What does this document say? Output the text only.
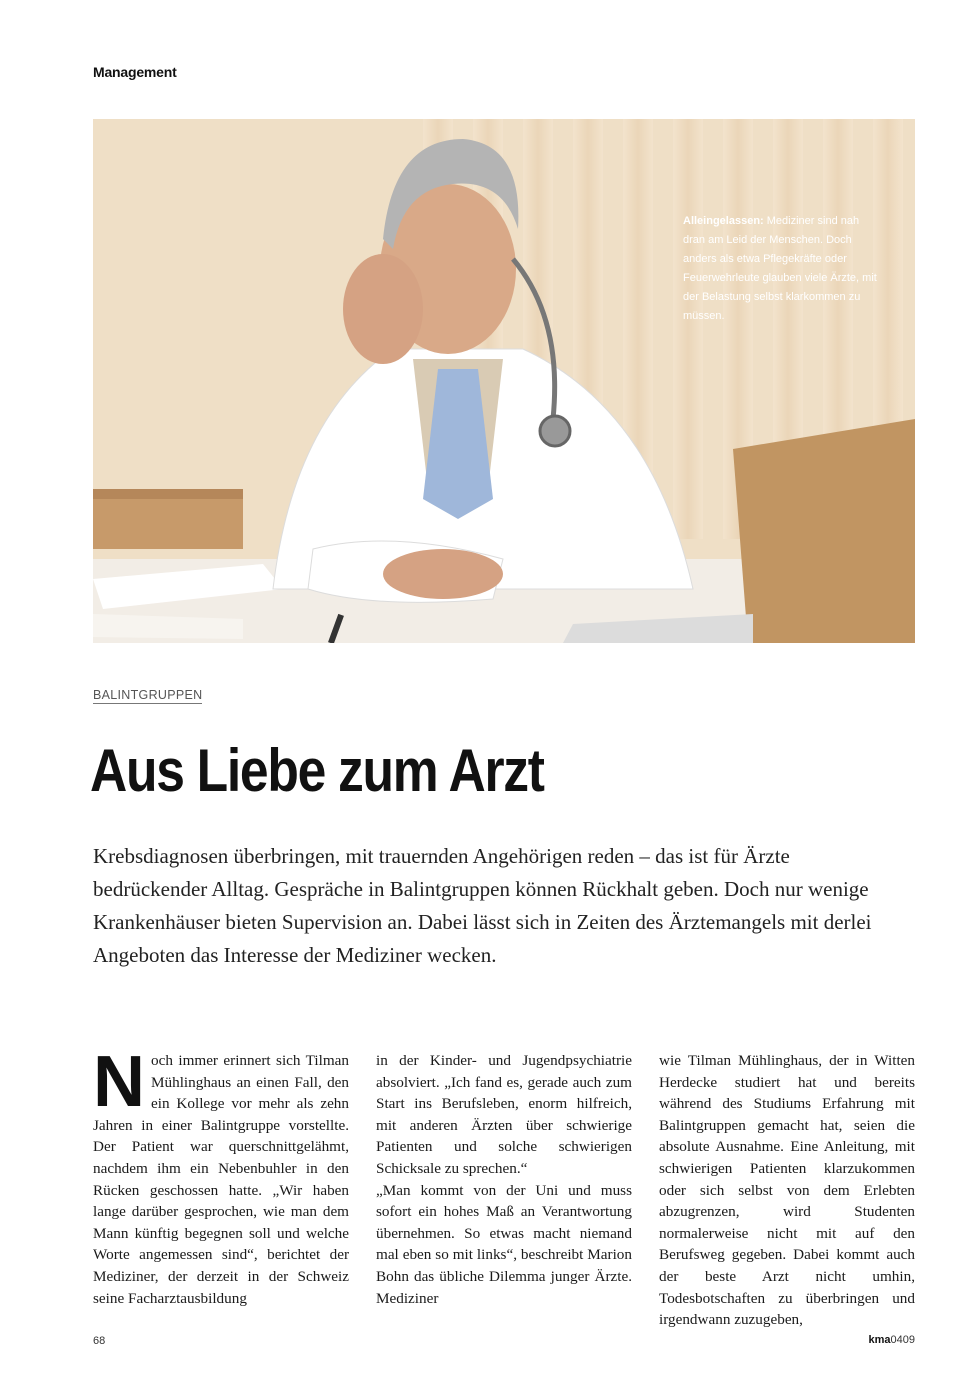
Management
Alleingelassen: Mediziner sind nah dran am Leid der Menschen. Doch anders als etwa Pflegekräfte oder Feuerwehrleute glauben viele Ärzte, mit der Belastung selbst klarkommen zu müssen.
BALINTGRUPPEN
Aus Liebe zum Arzt

Krebsdiagnosen überbringen, mit trauernden Angehörigen reden – das ist für Ärzte bedrückender Alltag. Gespräche in Balintgruppen können Rückhalt geben. Doch nur wenige Krankenhäuser bieten Supervision an. Dabei lässt sich in Zeiten des Ärztemangels mit derlei Angeboten das Interesse der Mediziner wecken.

N och immer erinnert sich Tilman Mühlinghaus an einen Fall, den ein Kollege vor mehr als zehn Jahren in einer Balintgruppe vorstellte. Der Patient war querschnittgelähmt, nachdem ihm ein Nebenbuhler in den Rücken geschossen hatte. „Wir haben lange darüber gesprochen, wie man dem Mann künftig begegnen soll und welche Worte angemessen sind“, berichtet der Mediziner, der derzeit in der Schweiz seine Facharztausbildung

in der Kinder- und Jugendpsychiatrie absolviert. „Ich fand es, gerade auch zum Start ins Berufsleben, enorm hilfreich, mit anderen Ärzten über schwierige Patienten und solche schwierigen Schicksale zu sprechen.“

„Man kommt von der Uni und muss sofort ein hohes Maß an Verantwortung übernehmen. So etwas macht niemand mal eben so mit links“, beschreibt Marion Bohn das übliche Dilemma junger Ärzte. Mediziner

wie Tilman Mühlinghaus, der in Witten Herdecke studiert hat und bereits während des Studiums Erfahrung mit Balintgruppen gemacht hat, seien die absolute Ausnahme. Eine Anleitung, mit schwierigen Patienten klarzukommen oder sich selbst von dem Erlebten abzugrenzen, wird Studenten normalerweise nicht mit auf den Berufsweg gegeben. Dabei kommt auch der beste Arzt nicht umhin, Todesbotschaften zu überbringen und irgendwann zuzugeben,
68	kma0409
